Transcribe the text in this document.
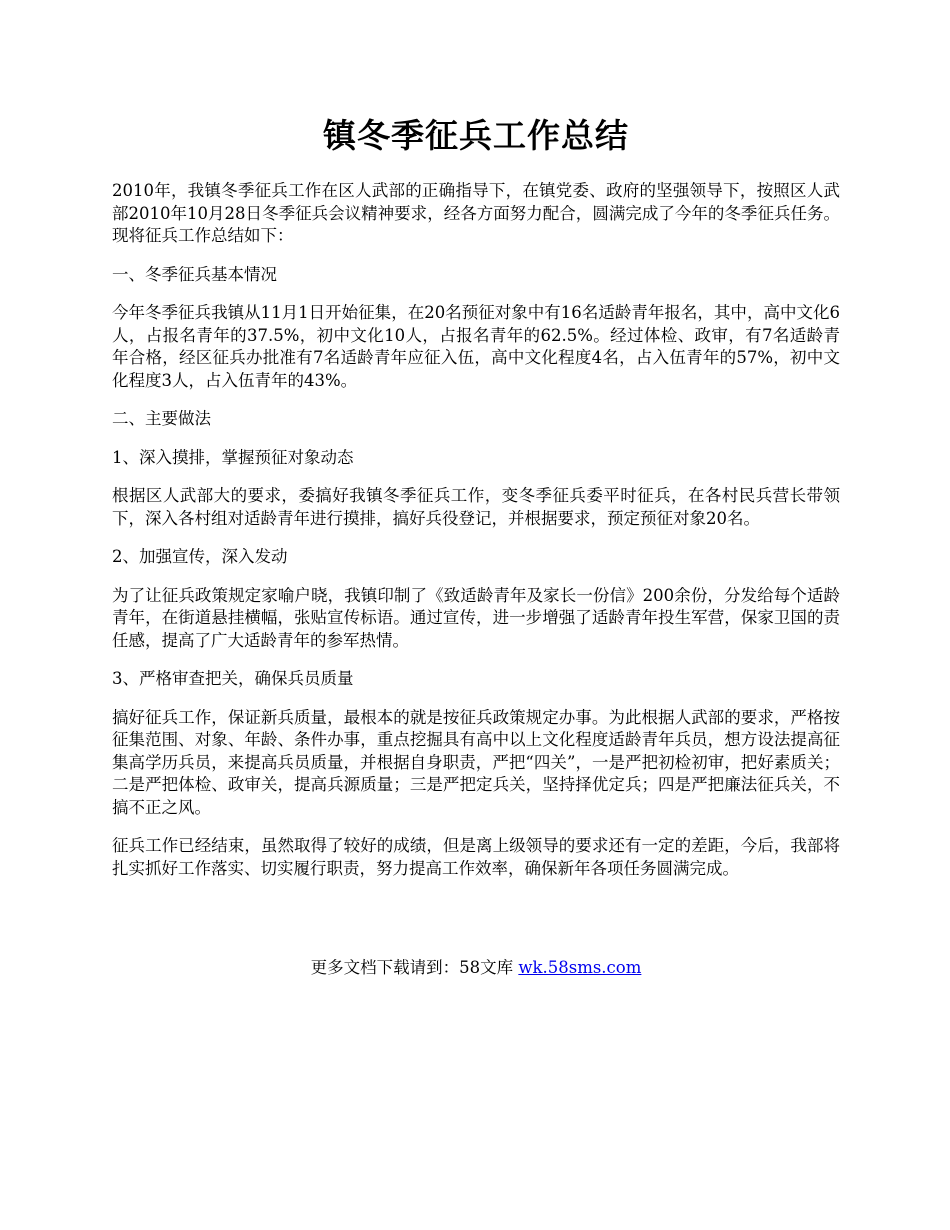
镇冬季征兵工作总结

2010年，我镇冬季征兵工作在区人武部的正确指导下，在镇党委、政府的坚强领导下，按照区人武部2010年10月28日冬季征兵会议精神要求，经各方面努力配合，圆满完成了今年的冬季征兵任务。现将征兵工作总结如下：

一、冬季征兵基本情况

今年冬季征兵我镇从11月1日开始征集，在20名预征对象中有16名适龄青年报名，其中，高中文化6人，占报名青年的37.5%，初中文化10人，占报名青年的62.5%。经过体检、政审，有7名适龄青年合格，经区征兵办批准有7名适龄青年应征入伍，高中文化程度4名，占入伍青年的57%，初中文化程度3人，占入伍青年的43%。

二、主要做法

1、深入摸排，掌握预征对象动态

根据区人武部大的要求，委搞好我镇冬季征兵工作，变冬季征兵委平时征兵，在各村民兵营长带领下，深入各村组对适龄青年进行摸排，搞好兵役登记，并根据要求，预定预征对象20名。

2、加强宣传，深入发动

为了让征兵政策规定家喻户晓，我镇印制了《致适龄青年及家长一份信》200余份，分发给每个适龄青年，在街道悬挂横幅，张贴宣传标语。通过宣传，进一步增强了适龄青年投生军营，保家卫国的责任感，提高了广大适龄青年的参军热情。

3、严格审查把关，确保兵员质量

搞好征兵工作，保证新兵质量，最根本的就是按征兵政策规定办事。为此根据人武部的要求，严格按征集范围、对象、年龄、条件办事，重点挖掘具有高中以上文化程度适龄青年兵员，想方设法提高征集高学历兵员，来提高兵员质量，并根据自身职责，严把“四关”，一是严把初检初审，把好素质关；二是严把体检、政审关，提高兵源质量；三是严把定兵关，坚持择优定兵；四是严把廉法征兵关，不搞不正之风。

征兵工作已经结束，虽然取得了较好的成绩，但是离上级领导的要求还有一定的差距，今后，我部将扎实抓好工作落实、切实履行职责，努力提高工作效率，确保新年各项任务圆满完成。

更多文档下载请到：58文库 wk.58sms.com
